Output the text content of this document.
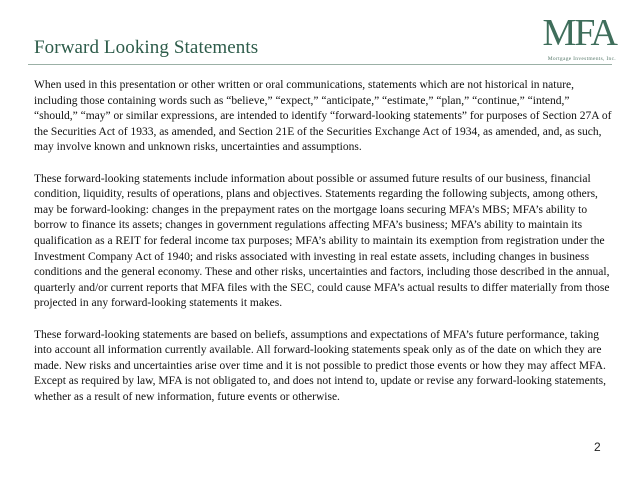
Forward Looking Statements	MFA
Mortgage Investments, Inc.

When used in this presentation or other written or oral communications, statements which are not historical in nature, including those containing words such as “believe,” “expect,” “anticipate,” “estimate,” “plan,” “continue,” “intend,” “should,” “may” or similar expressions, are intended to identify “forward-looking statements” for purposes of Section 27A of the Securities Act of 1933, as amended, and Section 21E of the Securities Exchange Act of 1934, as amended, and, as such, may involve known and unknown risks, uncertainties and assumptions.

These forward-looking statements include information about possible or assumed future results of our business, financial condition, liquidity, results of operations, plans and objectives. Statements regarding the following subjects, among others, may be forward-looking: changes in the prepayment rates on the mortgage loans securing MFA’s MBS; MFA’s ability to borrow to finance its assets; changes in government regulations affecting MFA’s business; MFA’s ability to maintain its qualification as a REIT for federal income tax purposes; MFA’s ability to maintain its exemption from registration under the Investment Company Act of 1940; and risks associated with investing in real estate assets, including changes in business conditions and the general economy. These and other risks, uncertainties and factors, including those described in the annual, quarterly and/or current reports that MFA files with the SEC, could cause MFA’s actual results to differ materially from those projected in any forward-looking statements it makes.

These forward-looking statements are based on beliefs, assumptions and expectations of MFA’s future performance, taking into account all information currently available. All forward-looking statements speak only as of the date on which they are made. New risks and uncertainties arise over time and it is not possible to predict those events or how they may affect MFA. Except as required by law, MFA is not obligated to, and does not intend to, update or revise any forward-looking statements, whether as a result of new information, future events or otherwise.

2
